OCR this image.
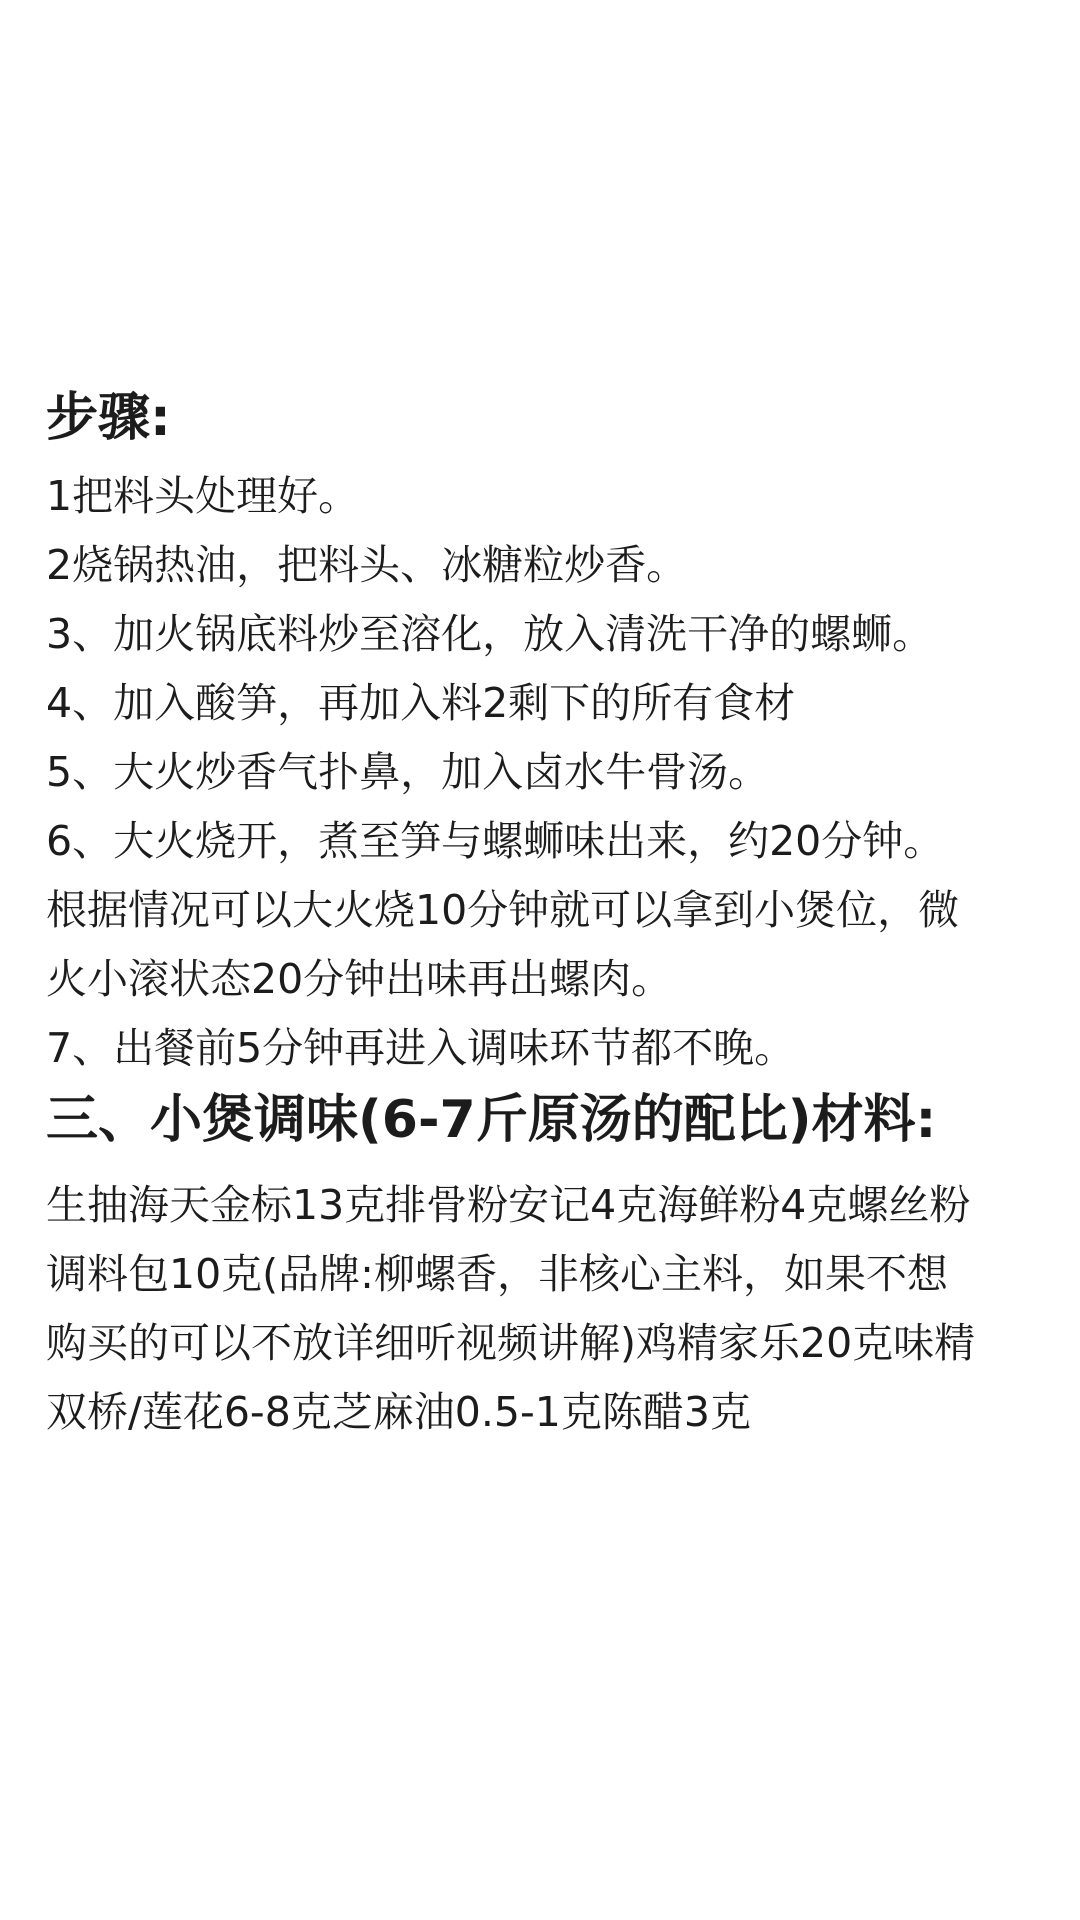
步骤:

1把料头处理好。

2烧锅热油，把料头、冰糖粒炒香。

3、加火锅底料炒至溶化，放入清洗干净的螺蛳。

4、加入酸笋，再加入料2剩下的所有食材

5、大火炒香气扑鼻，加入卤水牛骨汤。

6、大火烧开，煮至笋与螺蛳味出来，约20分钟。

根据情况可以大火烧10分钟就可以拿到小煲位，微

火小滚状态20分钟出味再出螺肉。

7、出餐前5分钟再进入调味环节都不晚。

三、小煲调味(6-7斤原汤的配比)材料:

生抽海天金标13克排骨粉安记4克海鲜粉4克螺丝粉

调料包10克(品牌:柳螺香，非核心主料，如果不想

购买的可以不放详细听视频讲解)鸡精家乐20克味精

双桥/莲花6-8克芝麻油0.5-1克陈醋3克
